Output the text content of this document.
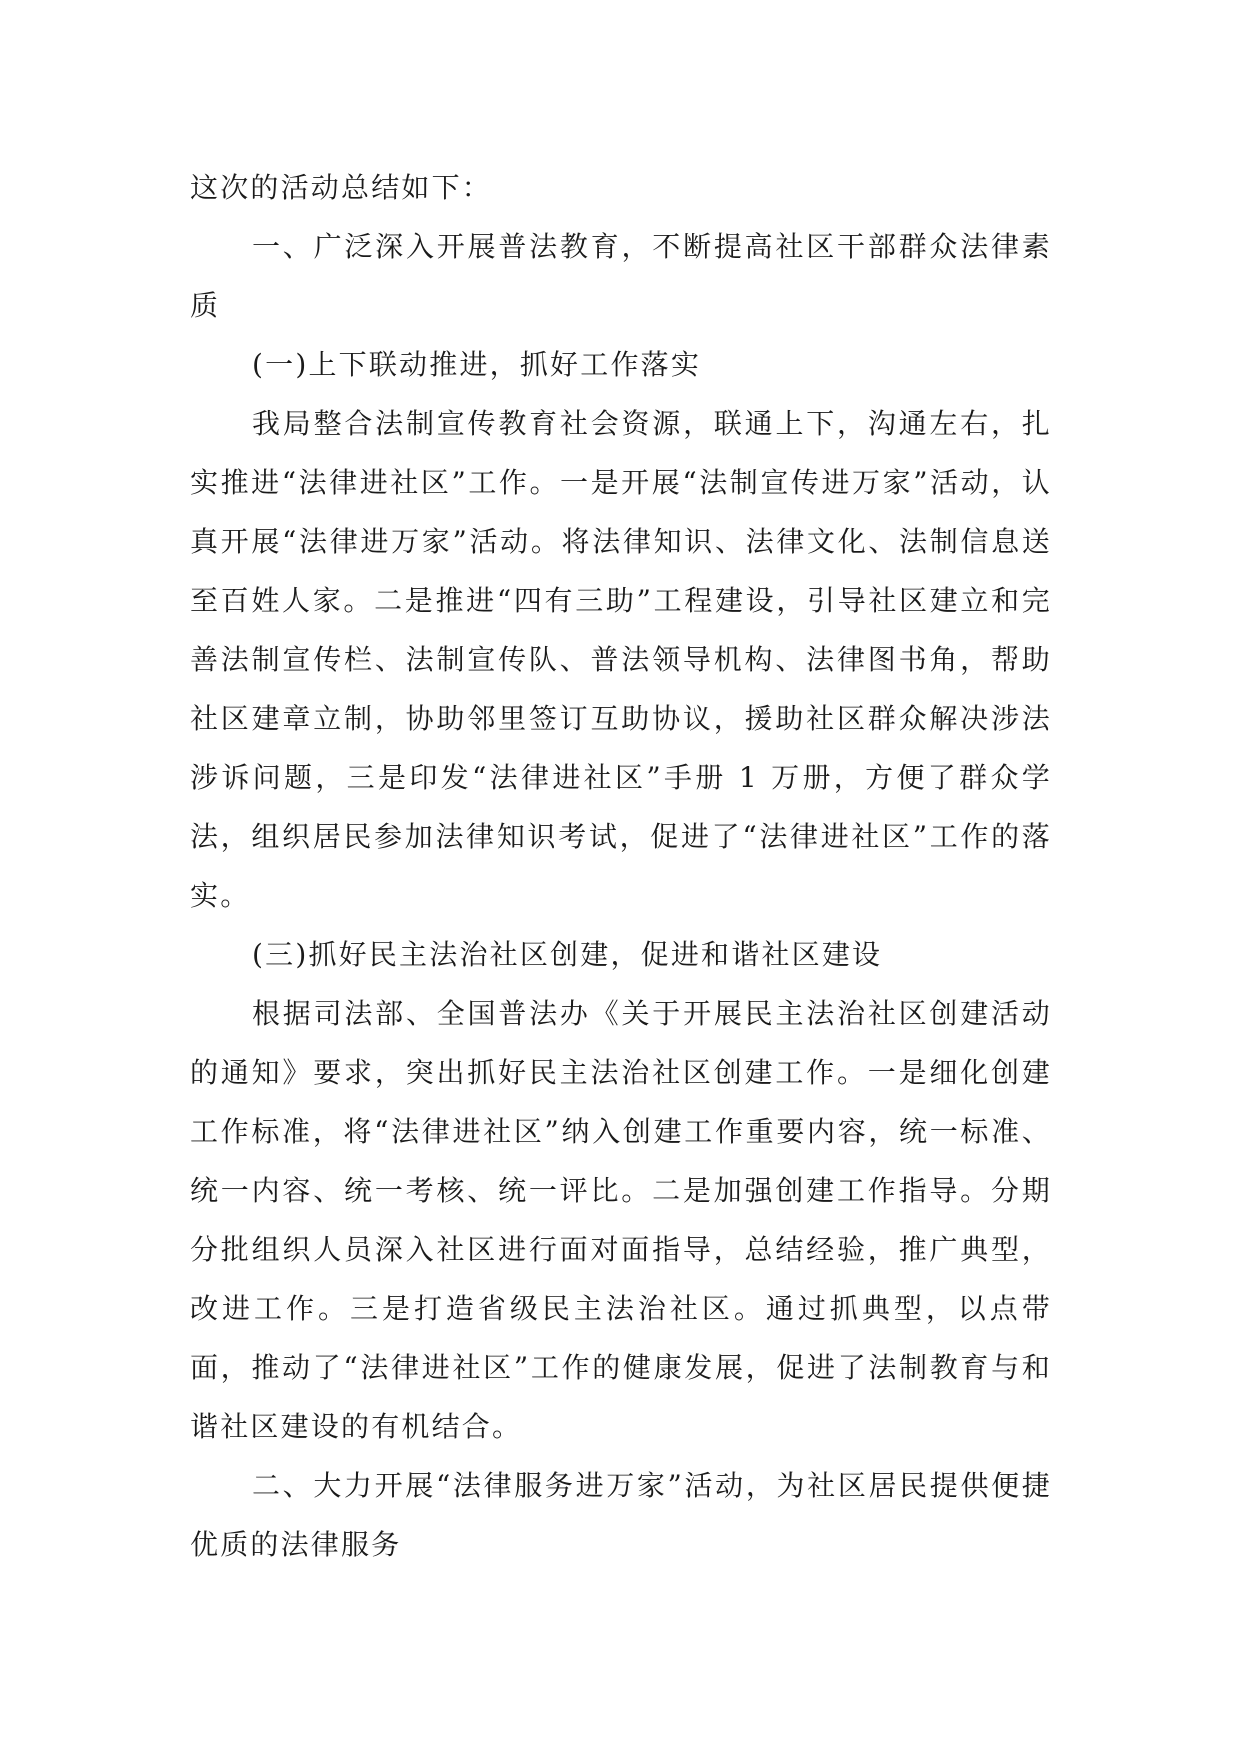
这次的活动总结如下：

一、广泛深入开展普法教育，不断提高社区干部群众法律素质

(一)上下联动推进，抓好工作落实

我局整合法制宣传教育社会资源，联通上下，沟通左右，扎实推进“法律进社区”工作。一是开展“法制宣传进万家”活动，认真开展“法律进万家”活动。将法律知识、法律文化、法制信息送至百姓人家。二是推进“四有三助”工程建设，引导社区建立和完善法制宣传栏、法制宣传队、普法领导机构、法律图书角，帮助社区建章立制，协助邻里签订互助协议，援助社区群众解决涉法涉诉问题，三是印发“法律进社区”手册 1 万册，方便了群众学法，组织居民参加法律知识考试，促进了“法律进社区”工作的落实。

(三)抓好民主法治社区创建，促进和谐社区建设

根据司法部、全国普法办《关于开展民主法治社区创建活动的通知》要求，突出抓好民主法治社区创建工作。一是细化创建工作标准，将“法律进社区”纳入创建工作重要内容，统一标准、统一内容、统一考核、统一评比。二是加强创建工作指导。分期分批组织人员深入社区进行面对面指导，总结经验，推广典型，改进工作。三是打造省级民主法治社区。通过抓典型，以点带面，推动了“法律进社区”工作的健康发展，促进了法制教育与和谐社区建设的有机结合。

二、大力开展“法律服务进万家”活动，为社区居民提供便捷优质的法律服务
